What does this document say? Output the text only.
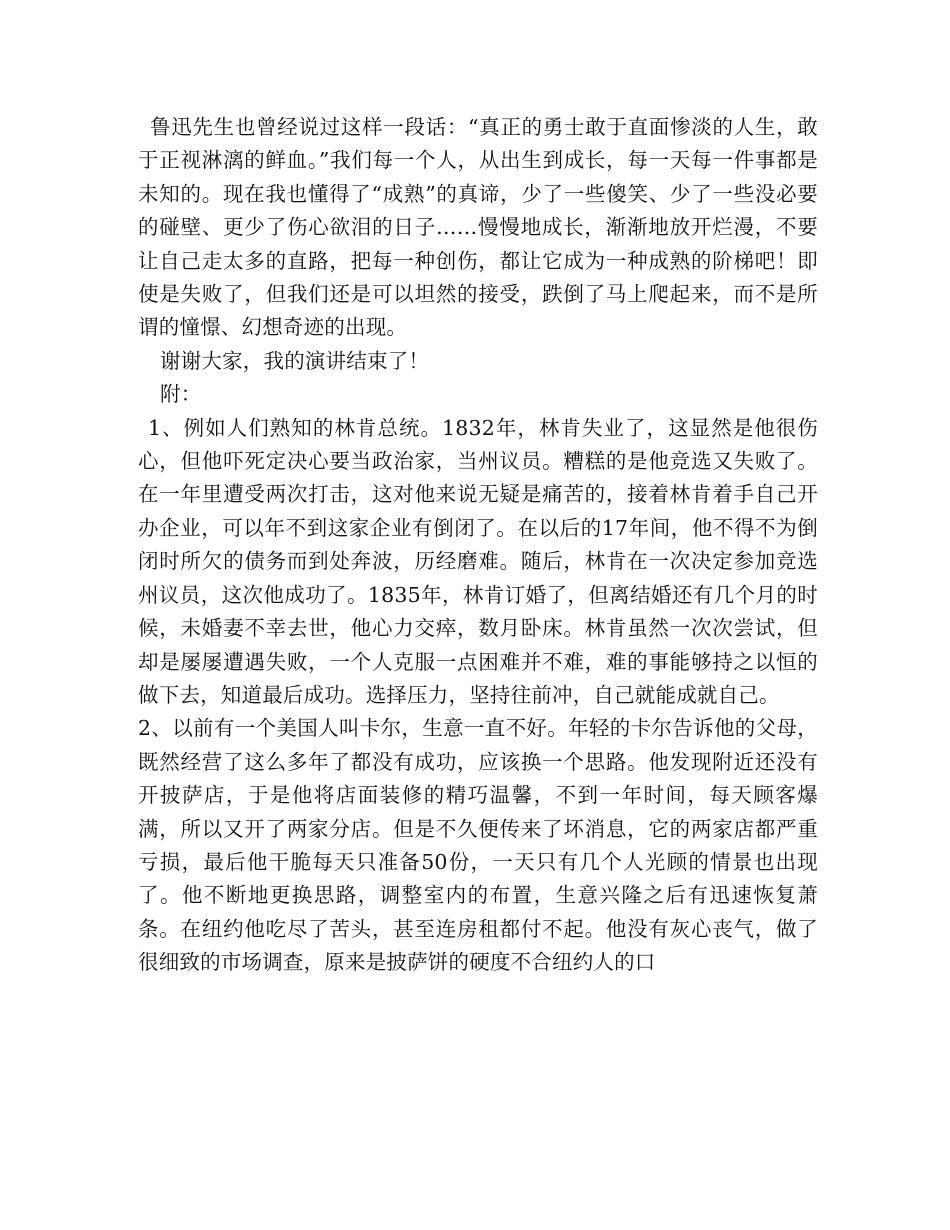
鲁迅先生也曾经说过这样一段话：“真正的勇士敢于直面惨淡的人生，敢于正视淋漓的鲜血。”我们每一个人，从出生到成长，每一天每一件事都是未知的。现在我也懂得了“成熟”的真谛，少了一些傻笑、少了一些没必要的碰壁、更少了伤心欲泪的日子……慢慢地成长，渐渐地放开烂漫，不要让自己走太多的直路，把每一种创伤，都让它成为一种成熟的阶梯吧！即使是失败了，但我们还是可以坦然的接受，跌倒了马上爬起来，而不是所谓的憧憬、幻想奇迹的出现。

谢谢大家，我的演讲结束了！

附：

1、例如人们熟知的林肯总统。1832年，林肯失业了，这显然是他很伤心，但他吓死定决心要当政治家，当州议员。糟糕的是他竞选又失败了。在一年里遭受两次打击，这对他来说无疑是痛苦的，接着林肯着手自己开办企业，可以年不到这家企业有倒闭了。在以后的17年间，他不得不为倒闭时所欠的债务而到处奔波，历经磨难。随后，林肯在一次决定参加竞选州议员，这次他成功了。1835年，林肯订婚了，但离结婚还有几个月的时候，未婚妻不幸去世，他心力交瘁，数月卧床。林肯虽然一次次尝试，但却是屡屡遭遇失败，一个人克服一点困难并不难，难的事能够持之以恒的做下去，知道最后成功。选择压力，坚持往前冲，自己就能成就自己。

2、以前有一个美国人叫卡尔，生意一直不好。年轻的卡尔告诉他的父母，既然经营了这么多年了都没有成功，应该换一个思路。他发现附近还没有开披萨店，于是他将店面装修的精巧温馨，不到一年时间，每天顾客爆满，所以又开了两家分店。但是不久便传来了坏消息，它的两家店都严重亏损，最后他干脆每天只准备50份，一天只有几个人光顾的情景也出现了。他不断地更换思路，调整室内的布置，生意兴隆之后有迅速恢复萧条。在纽约他吃尽了苦头，甚至连房租都付不起。他没有灰心丧气，做了很细致的市场调查，原来是披萨饼的硬度不合纽约人的口
